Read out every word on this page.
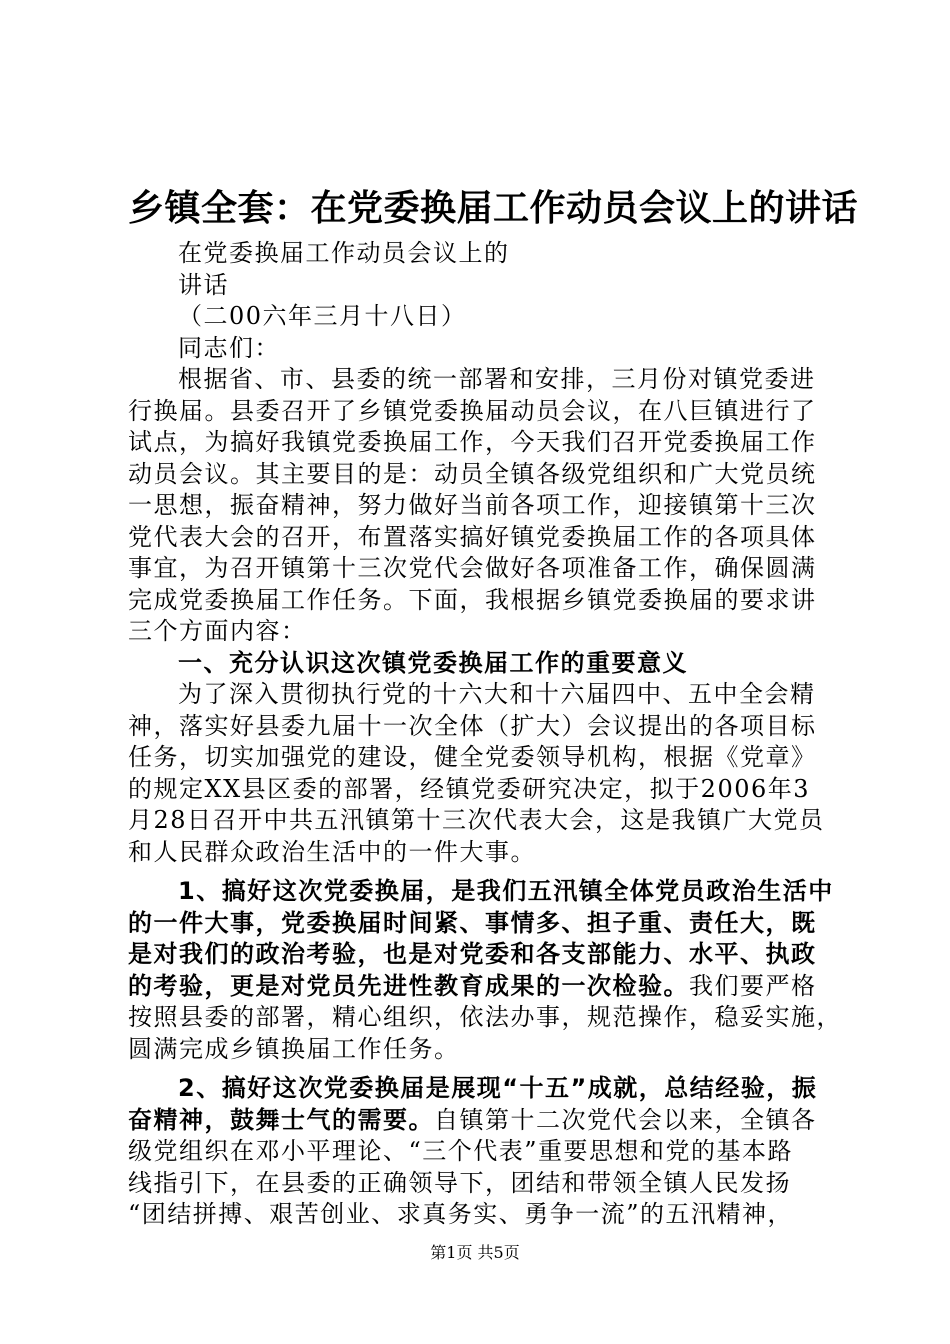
乡镇全套：在党委换届工作动员会议上的讲话
在党委换届工作动员会议上的
讲话
（二00六年三月十八日）
同志们：
根据省、市、县委的统一部署和安排，三月份对镇党委进
行换届。县委召开了乡镇党委换届动员会议，在八巨镇进行了
试点，为搞好我镇党委换届工作，今天我们召开党委换届工作
动员会议。其主要目的是：动员全镇各级党组织和广大党员统
一思想，振奋精神，努力做好当前各项工作，迎接镇第十三次
党代表大会的召开，布置落实搞好镇党委换届工作的各项具体
事宜，为召开镇第十三次党代会做好各项准备工作，确保圆满
完成党委换届工作任务。下面，我根据乡镇党委换届的要求讲
三个方面内容：
一、充分认识这次镇党委换届工作的重要意义
为了深入贯彻执行党的十六大和十六届四中、五中全会精
神，落实好县委九届十一次全体（扩大）会议提出的各项目标
任务，切实加强党的建设，健全党委领导机构，根据《党章》
的规定XX县区委的部署，经镇党委研究决定，拟于2006年3
月28日召开中共五汛镇第十三次代表大会，这是我镇广大党员
和人民群众政治生活中的一件大事。
1、搞好这次党委换届，是我们五汛镇全体党员政治生活中
的一件大事，党委换届时间紧、事情多、担子重、责任大，既
是对我们的政治考验，也是对党委和各支部能力、水平、执政
的考验，更是对党员先进性教育成果的一次检验。我们要严格
按照县委的部署，精心组织，依法办事，规范操作，稳妥实施，
圆满完成乡镇换届工作任务。
2、搞好这次党委换届是展现“十五”成就，总结经验，振
奋精神，鼓舞士气的需要。自镇第十二次党代会以来，全镇各
级党组织在邓小平理论、“三个代表”重要思想和党的基本路
线指引下，在县委的正确领导下，团结和带领全镇人民发扬
“团结拼搏、艰苦创业、求真务实、勇争一流”的五汛精神，
第1页 共5页
